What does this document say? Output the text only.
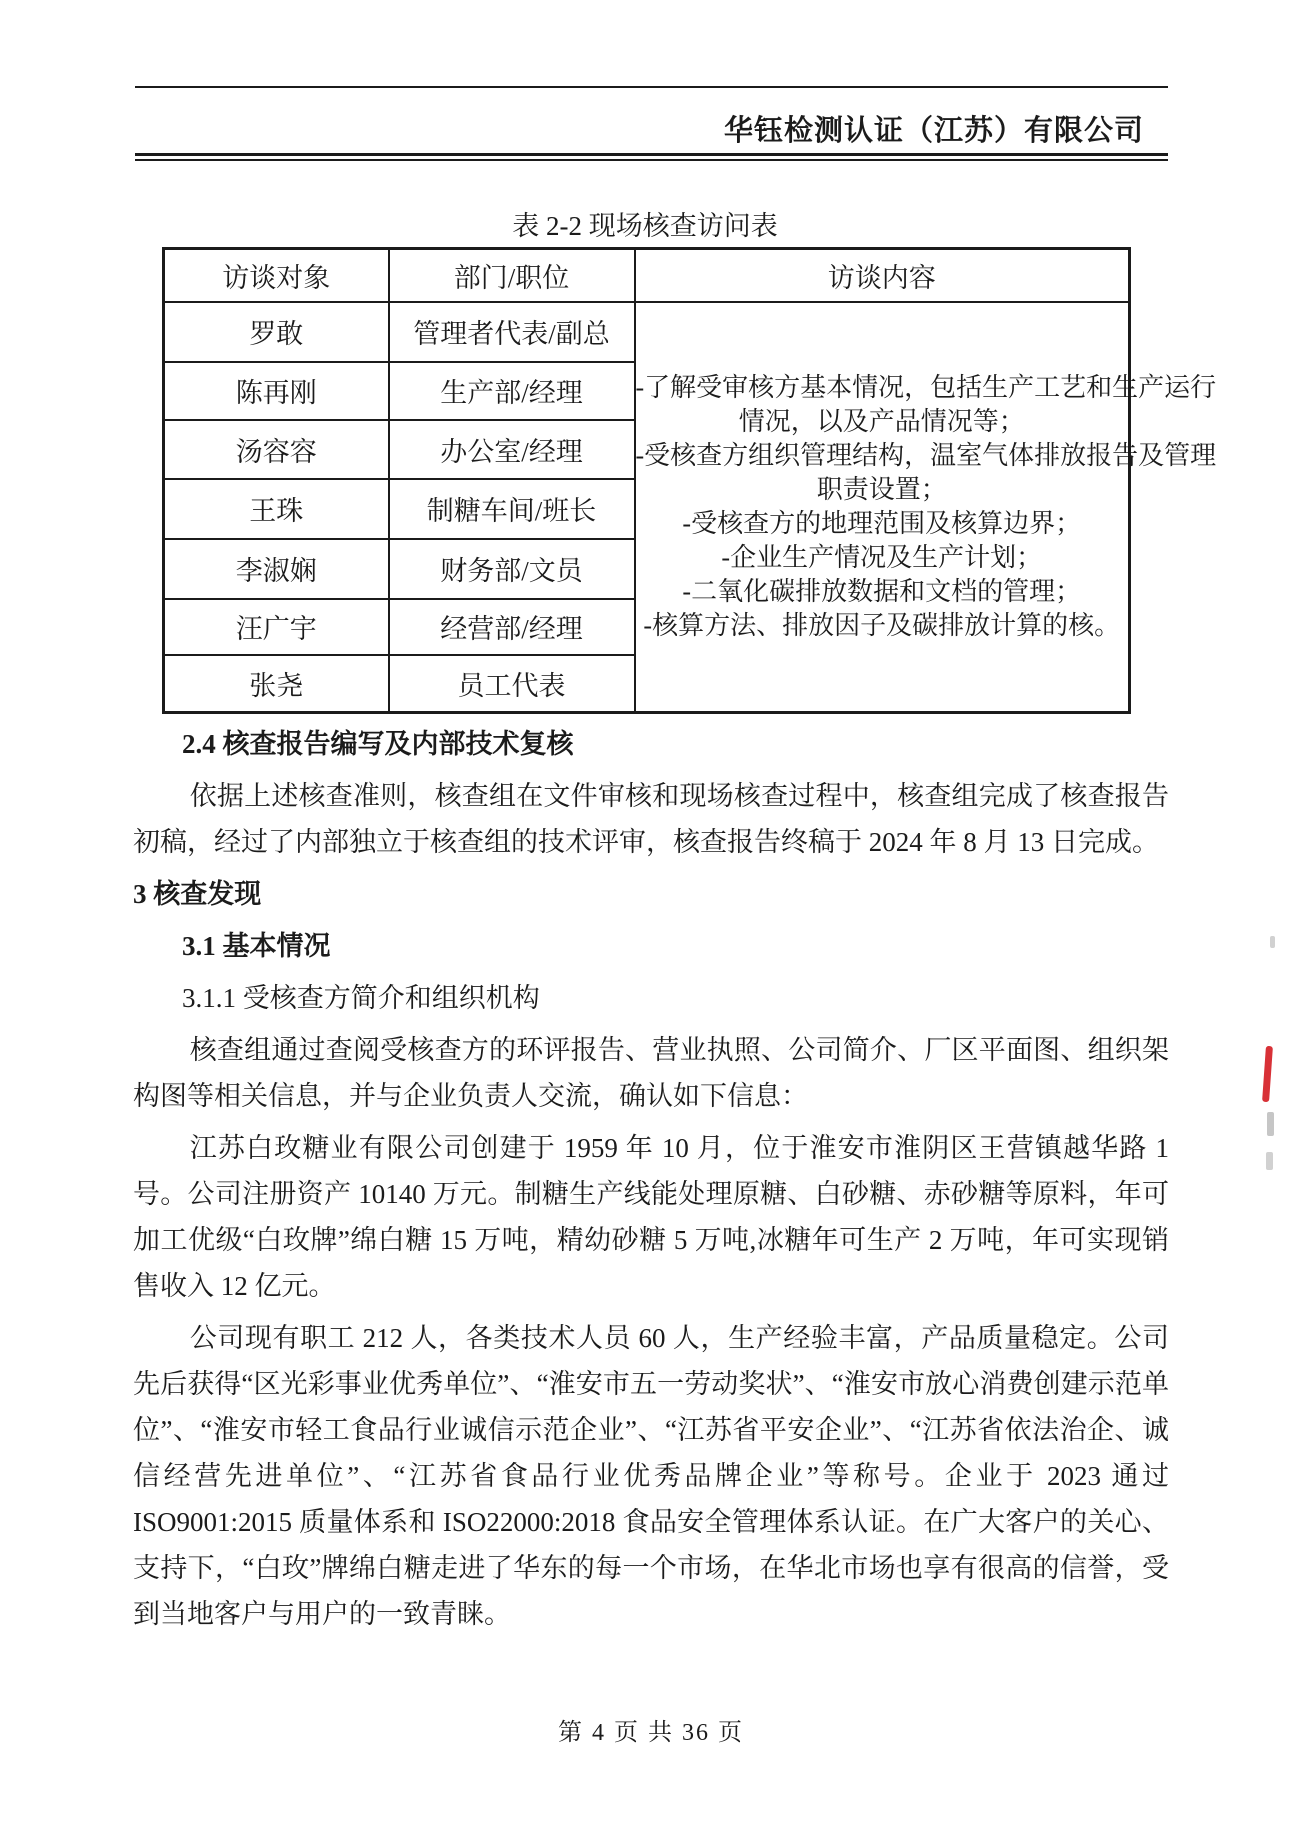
华钰检测认证（江苏）有限公司
表 2-2 现场核查访问表
访谈对象	部门/职位	访谈内容
罗敢	管理者代表/副总	
-了解受审核方基本情况，包括生产工艺和生产运行
情况，以及产品情况等；
-受核查方组织管理结构，温室气体排放报告及管理
职责设置；
-受核查方的地理范围及核算边界；
-企业生产情况及生产计划；
-二氧化碳排放数据和文档的管理；
-核算方法、排放因子及碳排放计算的核。

陈再刚	生产部/经理	
汤容容	办公室/经理	
王珠	制糖车间/班长	
李淑娴	财务部/文员	
汪广宇	经营部/经理	
张尧	员工代表	
2.4 核查报告编写及内部技术复核

依据上述核查准则，核查组在文件审核和现场核查过程中，核查组完成了核查报告初稿，经过了内部独立于核查组的技术评审，核查报告终稿于 2024 年 8 月 13 日完成。

3 核查发现
3.1 基本情况
3.1.1 受核查方简介和组织机构

核查组通过查阅受核查方的环评报告、营业执照、公司简介、厂区平面图、组织架构图等相关信息，并与企业负责人交流，确认如下信息：

江苏白玫糖业有限公司创建于 1959 年 10 月，位于淮安市淮阴区王营镇越华路 1 号。公司注册资产 10140 万元。制糖生产线能处理原糖、白砂糖、赤砂糖等原料，年可加工优级“白玫牌”绵白糖 15 万吨，精幼砂糖 5 万吨,冰糖年可生产 2 万吨，年可实现销售收入 12 亿元。

公司现有职工 212 人，各类技术人员 60 人，生产经验丰富，产品质量稳定。公司先后获得“区光彩事业优秀单位”、“淮安市五一劳动奖状”、“淮安市放心消费创建示范单位”、“淮安市轻工食品行业诚信示范企业”、“江苏省平安企业”、“江苏省依法治企、诚信经营先进单位”、“江苏省食品行业优秀品牌企业”等称号。企业于 2023 通过 ISO9001:2015 质量体系和 ISO22000:2018 食品安全管理体系认证。在广大客户的关心、支持下，“白玫”牌绵白糖走进了华东的每一个市场，在华北市场也享有很高的信誉，受到当地客户与用户的一致青睐。

第 4 页 共 36 页
